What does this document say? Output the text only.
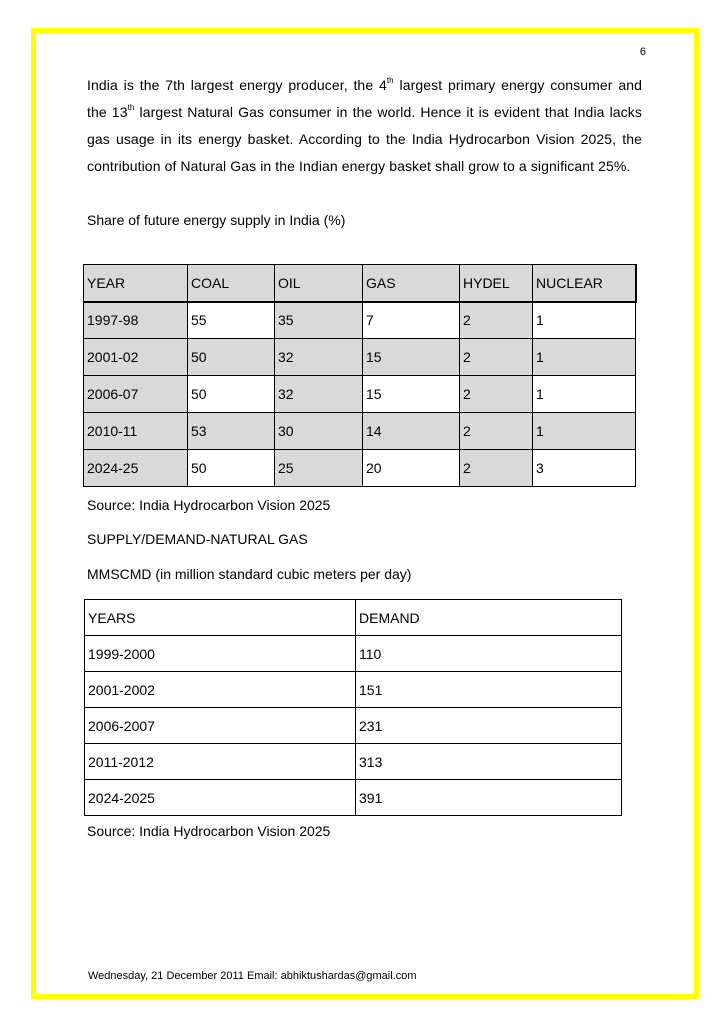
6
India is the 7th largest energy producer, the 4th largest primary energy consumer and the 13th largest Natural Gas consumer in the world. Hence it is evident that India lacks gas usage in its energy basket. According to the India Hydrocarbon Vision 2025, the contribution of Natural Gas in the Indian energy basket shall grow to a significant 25%.
Share of future energy supply in India (%)
YEAR	COAL	OIL	GAS	HYDEL	NUCLEAR
1997-98	55	35	7	2	1
2001-02	50	32	15	2	1
2006-07	50	32	15	2	1
2010-11	53	30	14	2	1
2024-25	50	25	20	2	3
Source: India Hydrocarbon Vision 2025
SUPPLY/DEMAND-NATURAL GAS
MMSCMD (in million standard cubic meters per day)
YEARS	DEMAND
1999-2000	110
2001-2002	151
2006-2007	231
2011-2012	313
2024-2025	391
Source: India Hydrocarbon Vision 2025
Wednesday, 21 December 2011 Email: abhiktushardas@gmail.com
